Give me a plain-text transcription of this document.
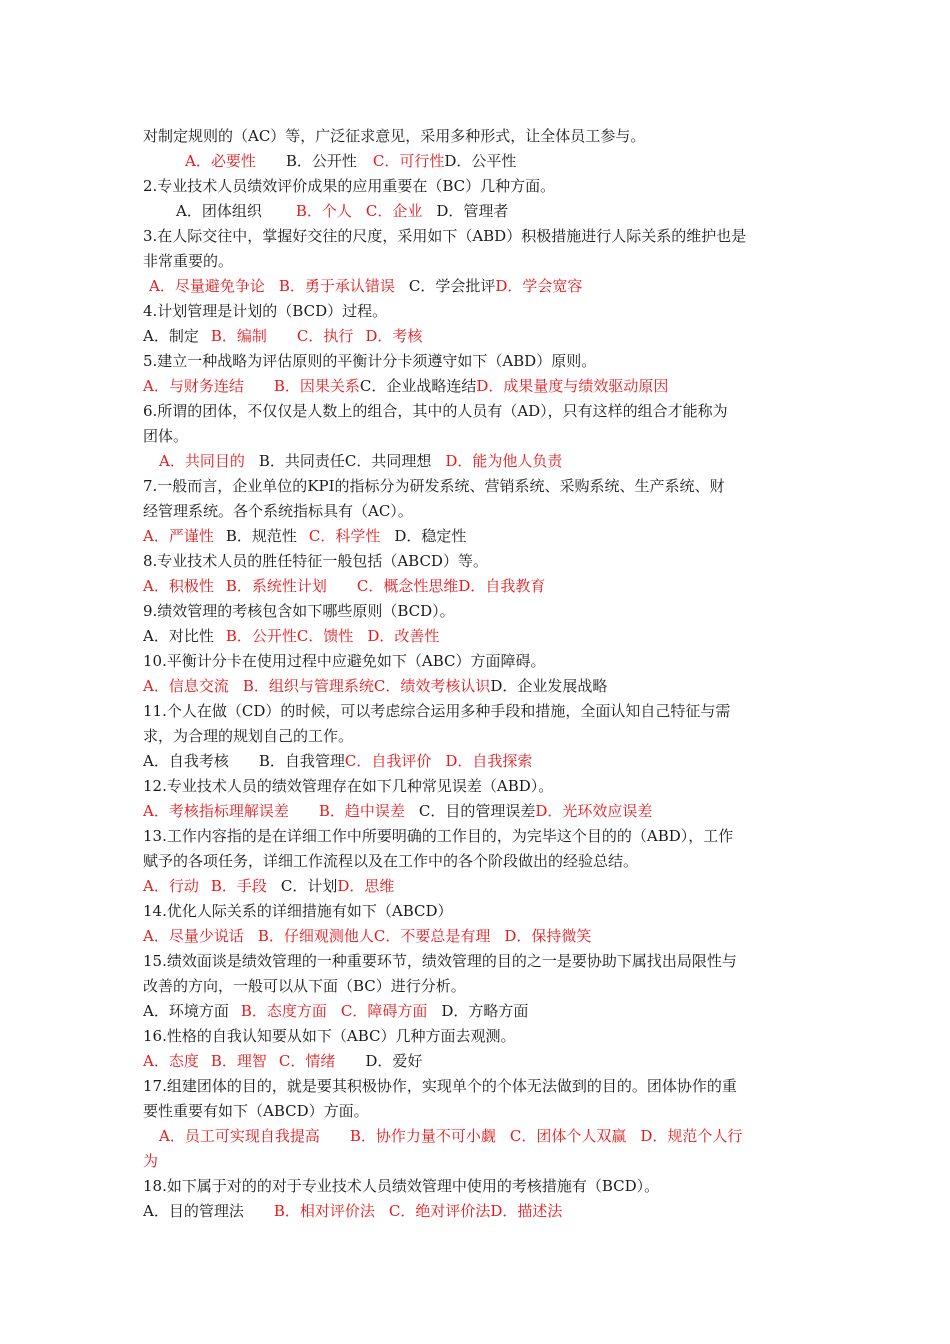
对制定规则的（AC）等，广泛征求意见，采用多种形式，让全体员工参与。
A．必要性 B．公开性 C．可行性D．公平性
2.专业技术人员绩效评价成果的应用重要在（BC）几种方面。
A．团体组织 B．个人 C．企业 D．管理者
3.在人际交往中，掌握好交往的尺度，采用如下（ABD）积极措施进行人际关系的维护也是
非常重要的。
A．尽量避免争论 B．勇于承认错误 C．学会批评D．学会宽容
4.计划管理是计划的（BCD）过程。
A．制定 B．编制 C．执行 D．考核
5.建立一种战略为评估原则的平衡计分卡须遵守如下（ABD）原则。
A．与财务连结 B．因果关系C．企业战略连结D．成果量度与绩效驱动原因
6.所谓的团体，不仅仅是人数上的组合，其中的人员有（AD），只有这样的组合才能称为
团体。
A．共同目的 B．共同责任C．共同理想 D．能为他人负责
7.一般而言，企业单位的KPI的指标分为研发系统、营销系统、采购系统、生产系统、财
经管理系统。各个系统指标具有（AC）。
A．严谨性 B．规范性 C．科学性 D．稳定性
8.专业技术人员的胜任特征一般包括（ABCD）等。
A．积极性 B．系统性计划 C．概念性思维D．自我教育
9.绩效管理的考核包含如下哪些原则（BCD）。
A．对比性 B．公开性C．馈性 D．改善性
10.平衡计分卡在使用过程中应避免如下（ABC）方面障碍。
A．信息交流 B．组织与管理系统C．绩效考核认识D．企业发展战略
11.个人在做（CD）的时候，可以考虑综合运用多种手段和措施，全面认知自己特征与需
求，为合理的规划自己的工作。
A．自我考核 B．自我管理C．自我评价 D．自我探索
12.专业技术人员的绩效管理存在如下几种常见误差（ABD）。
A．考核指标理解误差 B．趋中误差 C．目的管理误差D．光环效应误差
13.工作内容指的是在详细工作中所要明确的工作目的，为完毕这个目的的（ABD），工作
赋予的各项任务，详细工作流程以及在工作中的各个阶段做出的经验总结。
A．行动 B．手段 C．计划D．思维
14.优化人际关系的详细措施有如下（ABCD）
A．尽量少说话 B．仔细观测他人C．不要总是有理 D．保持微笑
15.绩效面谈是绩效管理的一种重要环节，绩效管理的目的之一是要协助下属找出局限性与
改善的方向，一般可以从下面（BC）进行分析。
A．环境方面 B．态度方面 C．障碍方面 D．方略方面
16.性格的自我认知要从如下（ABC）几种方面去观测。
A．态度 B．理智 C．情绪 D．爱好
17.组建团体的目的，就是要其积极协作，实现单个的个体无法做到的目的。团体协作的重
要性重要有如下（ABCD）方面。
A．员工可实现自我提高 B．协作力量不可小觑 C．团体个人双赢 D．规范个人行
为
18.如下属于对的的对于专业技术人员绩效管理中使用的考核措施有（BCD）。
A．目的管理法 B．相对评价法 C．绝对评价法D．描述法
